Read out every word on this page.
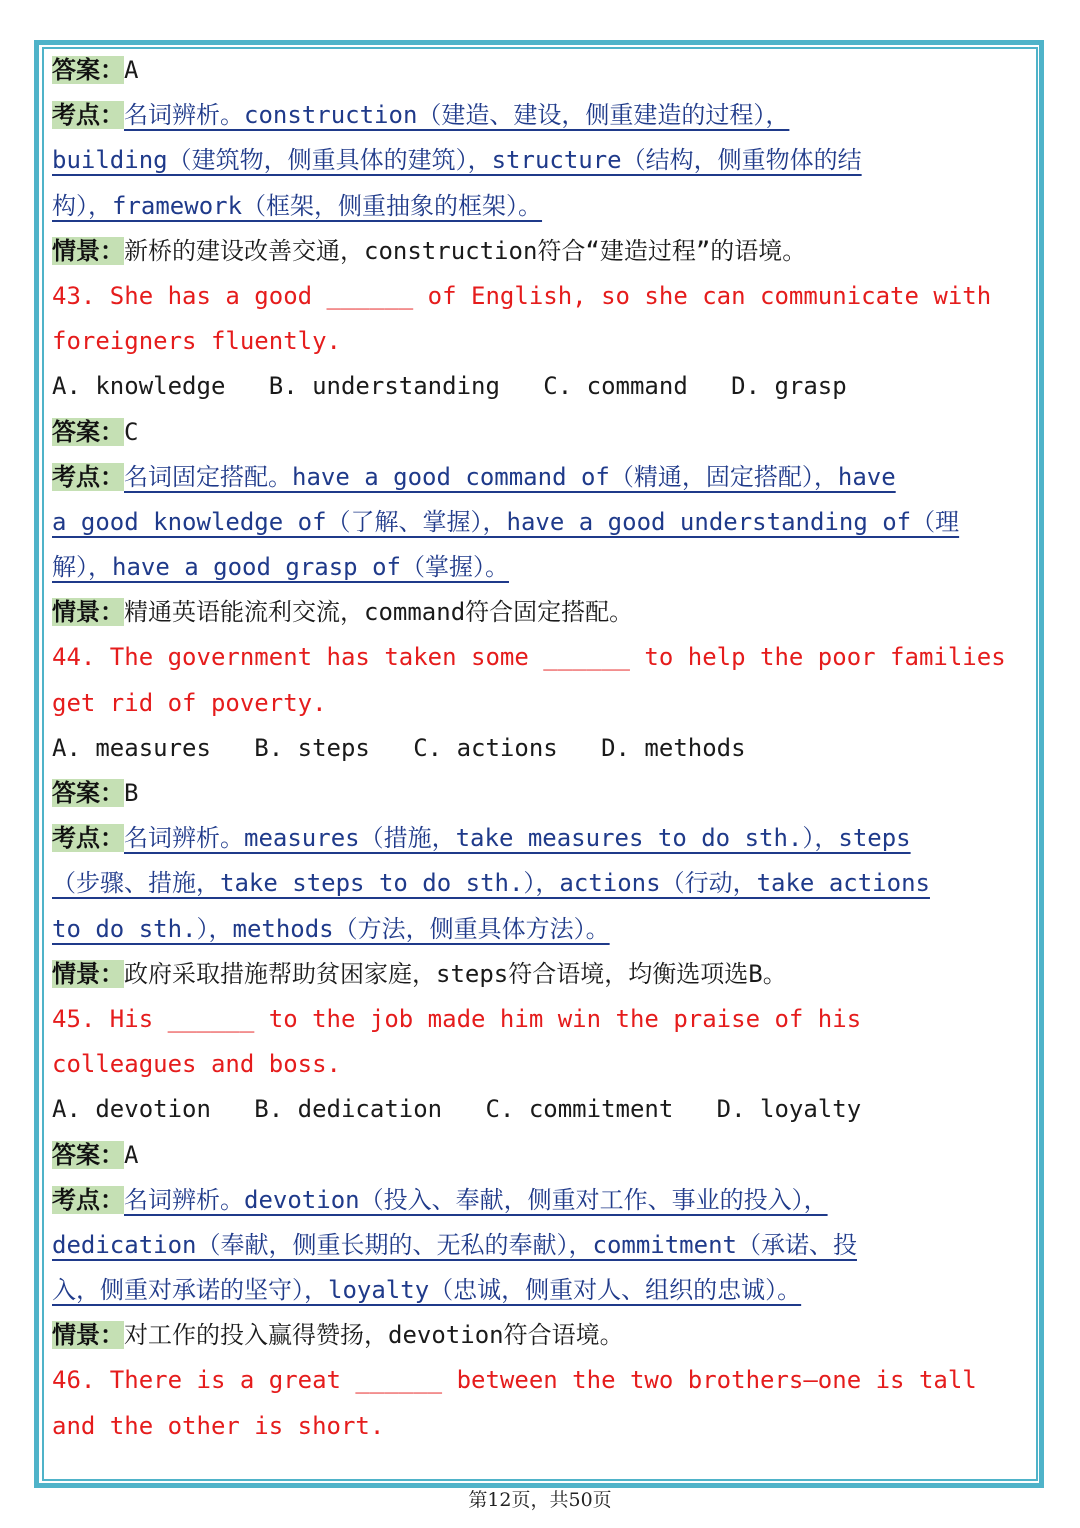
答案：A
考点：名词辨析。construction（建造、建设，侧重建造的过程），
building（建筑物，侧重具体的建筑），structure（结构，侧重物体的结
构），framework（框架，侧重抽象的框架）。
情景：新桥的建设改善交通，construction符合“建造过程”的语境。
43. She has a good ______ of English, so she can communicate with
foreigners fluently.
A. knowledge   B. understanding   C. command   D. grasp
答案：C
考点：名词固定搭配。have a good command of（精通，固定搭配），have
a good knowledge of（了解、掌握），have a good understanding of（理
解），have a good grasp of（掌握）。
情景：精通英语能流利交流，command符合固定搭配。
44. The government has taken some ______ to help the poor families
get rid of poverty.
A. measures   B. steps   C. actions   D. methods
答案：B
考点：名词辨析。measures（措施，take measures to do sth.），steps
（步骤、措施，take steps to do sth.），actions（行动，take actions
to do sth.），methods（方法，侧重具体方法）。
情景：政府采取措施帮助贫困家庭，steps符合语境，均衡选项选B。
45. His ______ to the job made him win the praise of his
colleagues and boss.
A. devotion   B. dedication   C. commitment   D. loyalty
答案：A
考点：名词辨析。devotion（投入、奉献，侧重对工作、事业的投入），
dedication（奉献，侧重长期的、无私的奉献），commitment（承诺、投
入，侧重对承诺的坚守），loyalty（忠诚，侧重对人、组织的忠诚）。
情景：对工作的投入赢得赞扬，devotion符合语境。
46. There is a great ______ between the two brothers—one is tall
and the other is short.
第12页，共50页
